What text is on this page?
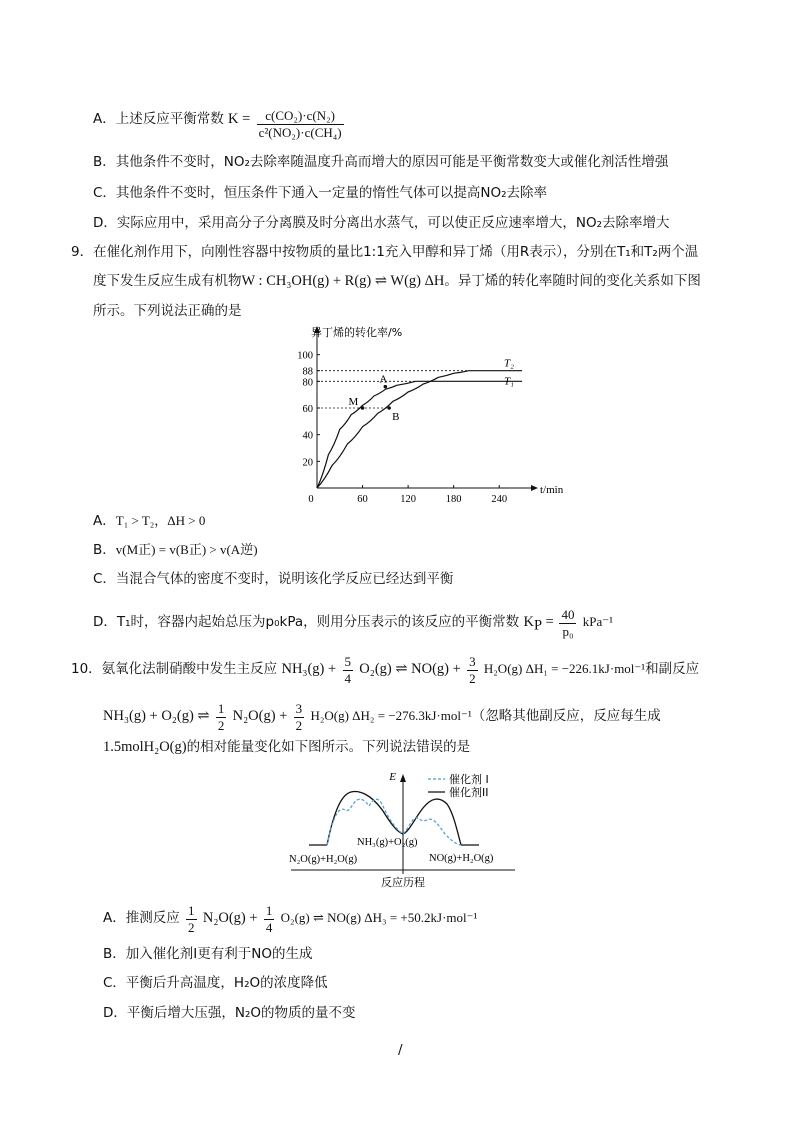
A．上述反应平衡常数 $K = \frac{\text{c(CO₂)·c(N₂)}}{\text{c²(NO₂)·c(CH₄)}}$
B．其他条件不变时，NO₂去除率随温度升高而增大的原因可能是平衡常数变大或催化剂活性增强
C．其他条件不变时，恒压条件下通入一定量的惰性气体可以提高NO₂去除率
D．实际应用中，采用高分子分离膜及时分离出水蒸气，可以使正反应速率增大，NO₂去除率增大
9．在催化剂作用下，向刚性容器中按物质的量比1:1充入甲醇和异丁烯（用R表示），分别在T₁和T₂两个温
度下发生反应生成有机物W : CH₃OH(g) + R(g) ⇌ W(g) ΔH。异丁烯的转化率随时间的变化关系如下图
所示。下列说法正确的是
异丁烯的转化率/%
t/min
0	60	120	180	240
20
40
60
80
100
88
T₁
T₂
M
A
B
A．T₁ > T₂，ΔH > 0
B．v(M正) = v(B正) > v(A逆)
C．当混合气体的密度不变时，说明该化学反应已经达到平衡
D．T₁时，容器内起始总压为p₀kPa，则用分压表示的该反应的平衡常数 $K_P = \frac{40}{\text{p₀}} kPa^{-1}$
10．氨氧化法制硝酸中发生主反应 $NH_3(g) + \frac{5}{4} O_2(g)$ ⇌ $NO(g) + \frac{3}{2} H_2O(g) \Delta H_1 = -226.1kJ\cdot mol^{-1}$和副反应
NH₃(g) + O₂(g) ⇌ $\frac{1}{2} N_2O(g) + \frac{3}{2} H_2O(g) \Delta H_2 = -276.3kJ\cdot mol^{-1}$（忽略其他副反应，反应每生成
1.5molH₂O(g)的相对能量变化如下图所示。下列说法错误的是
E	催化剂 I
催化剂II
NH₃(g)+O₂(g)
N₂O(g)+H₂O(g)	NO(g)+H₂O(g)
反应历程
A．推测反应 $\frac{1}{2} N_2O(g) + \frac{1}{4} O_2(g)$ ⇌ NO(g) ΔH₃ = +50.2kJ·mol⁻¹
B．加入催化剂Ⅰ更有利于NO的生成
C．平衡后升高温度，H₂O的浓度降低
D．平衡后增大压强，N₂O的物质的量不变
/
